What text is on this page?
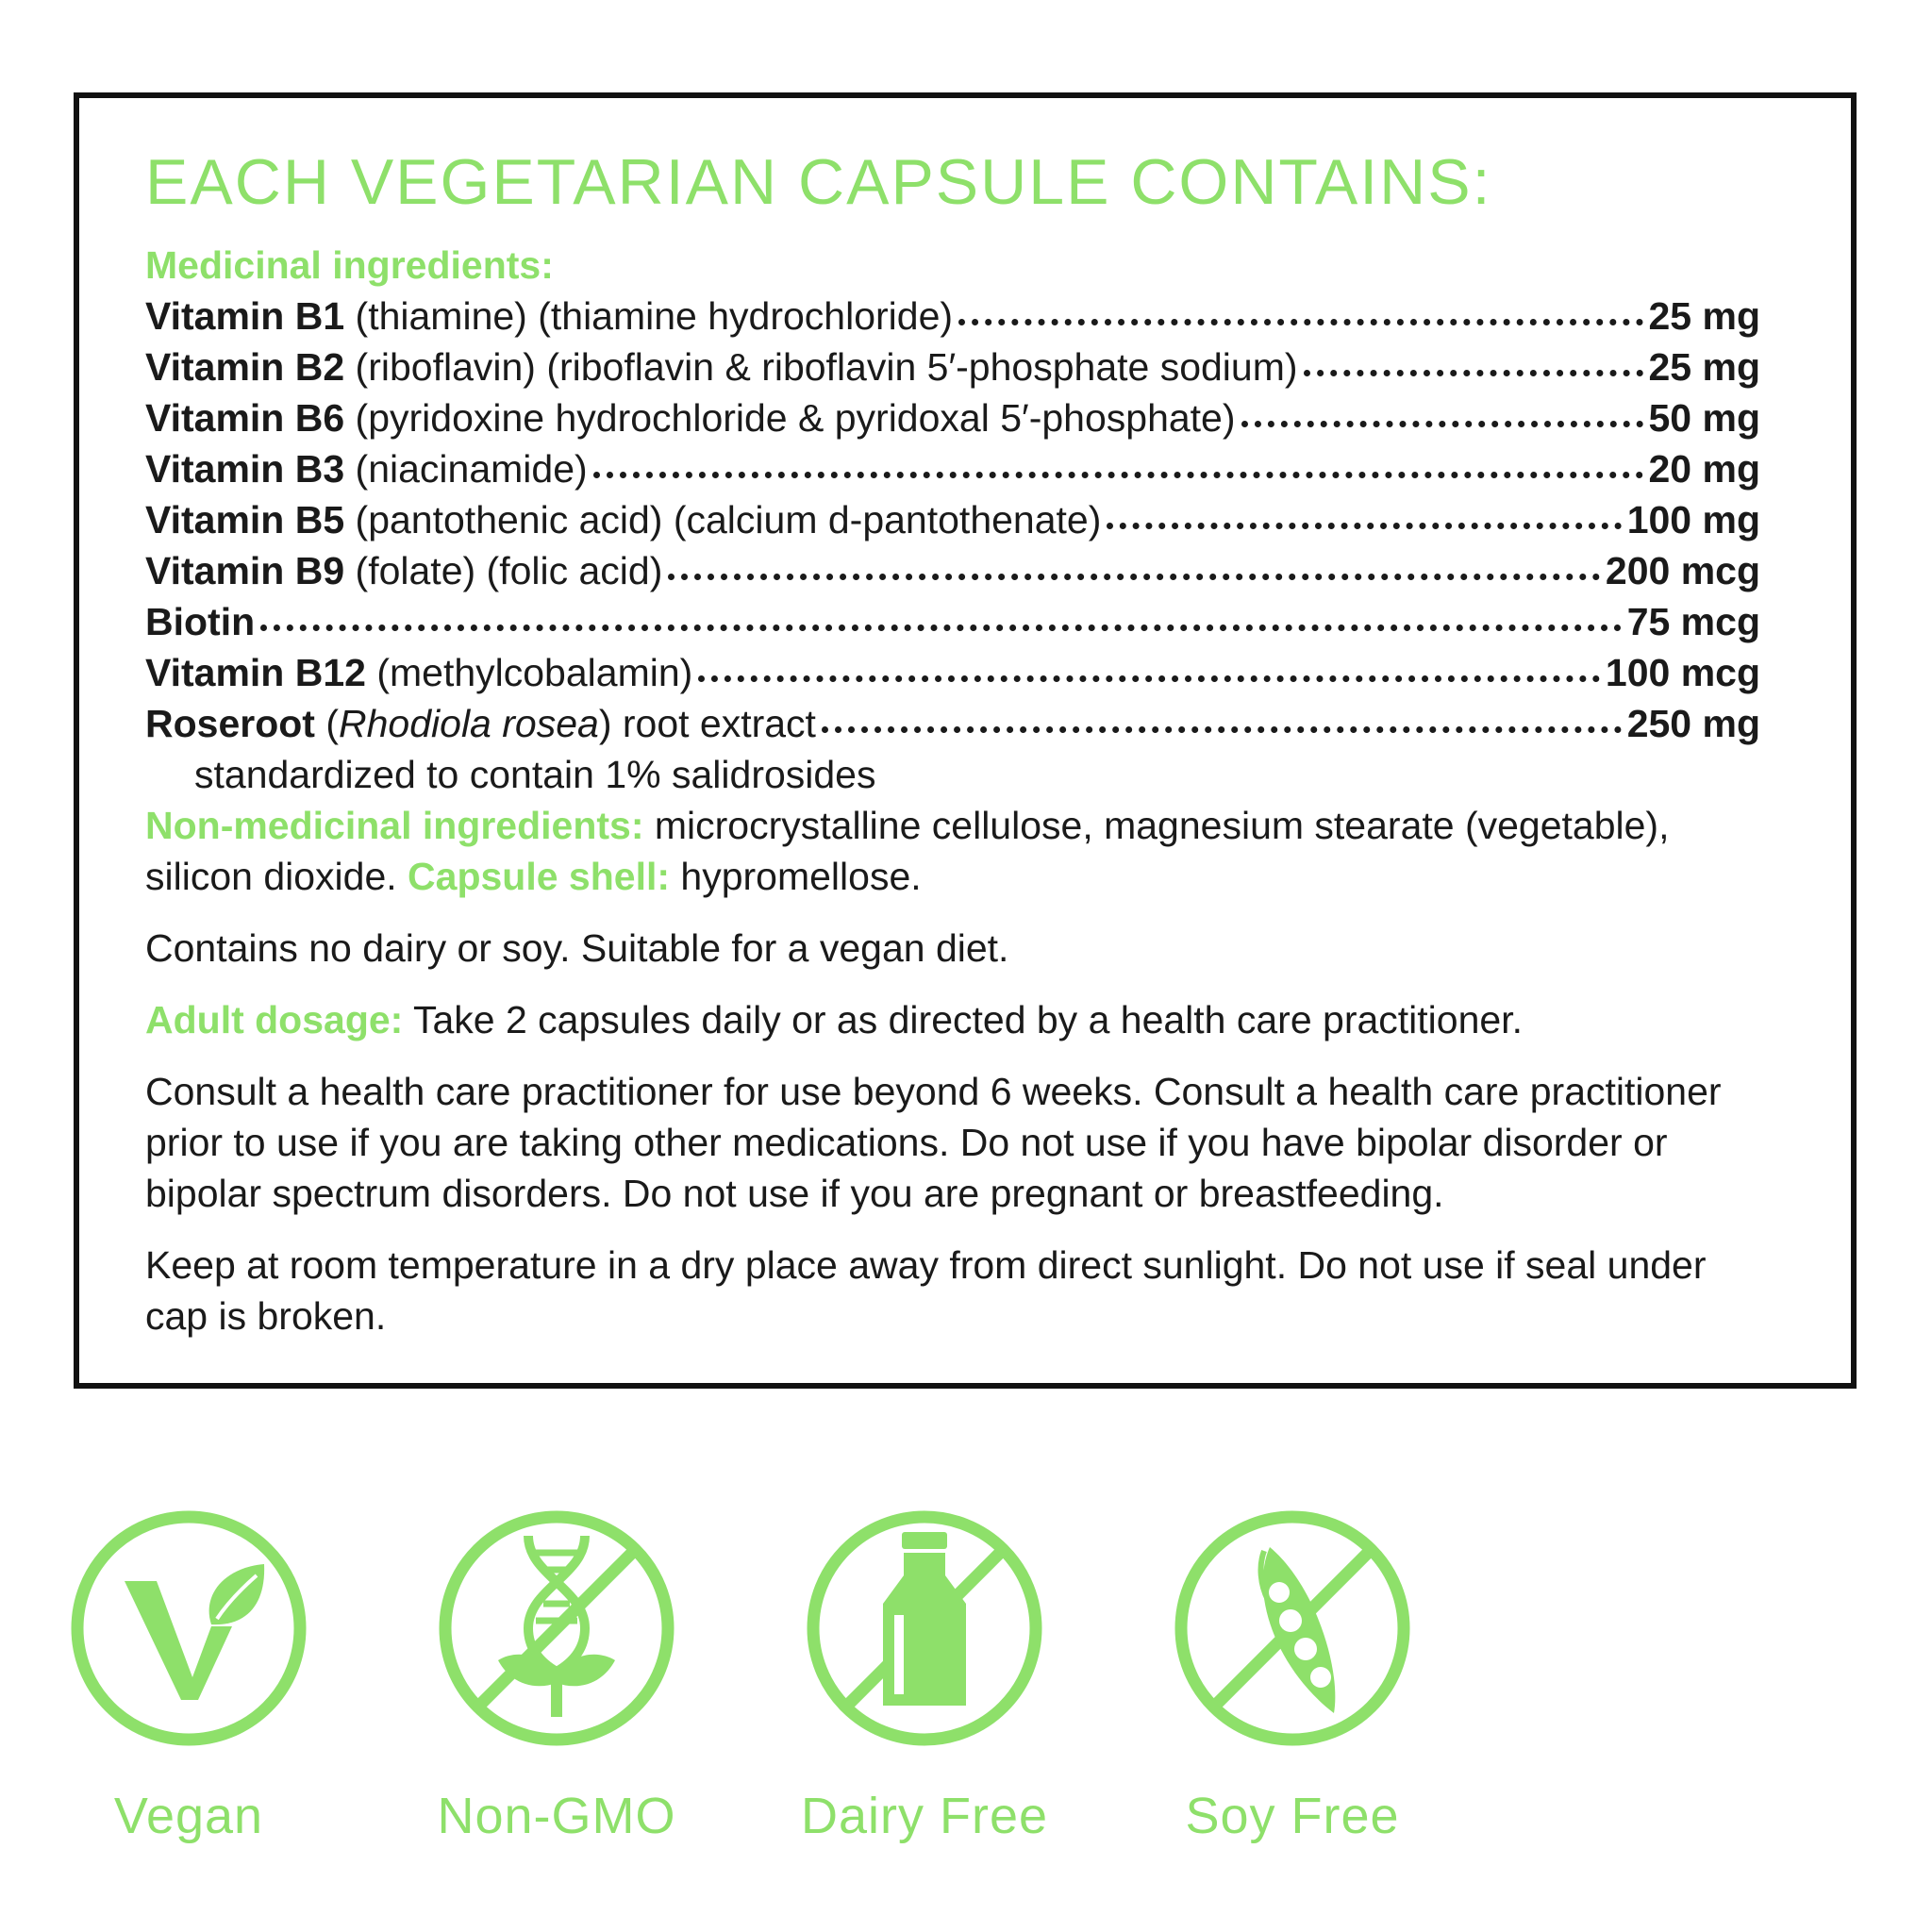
EACH VEGETARIAN CAPSULE CONTAINS:

Medicinal ingredients:

Vitamin B1 (thiamine) (thiamine hydrochloride)	25 mg
Vitamin B2 (riboflavin) (riboflavin & riboflavin 5′-phosphate sodium)	25 mg
Vitamin B6 (pyridoxine hydrochloride & pyridoxal 5′-phosphate)	50 mg
Vitamin B3 (niacinamide)	20 mg
Vitamin B5 (pantothenic acid) (calcium d-pantothenate)	100 mg
Vitamin B9 (folate) (folic acid)	200 mcg
Biotin	75 mcg
Vitamin B12 (methylcobalamin)	100 mcg
Roseroot (Rhodiola rosea) root extract	250 mg
standardized to contain 1% salidrosides

Non-medicinal ingredients: microcrystalline cellulose, magnesium stearate (vegetable), silicon dioxide. Capsule shell: hypromellose.

Contains no dairy or soy. Suitable for a vegan diet.

Adult dosage: Take 2 capsules daily or as directed by a health care practitioner.

Consult a health care practitioner for use beyond 6 weeks. Consult a health care practitioner prior to use if you are taking other medications. Do not use if you have bipolar disorder or bipolar spectrum disorders. Do not use if you are pregnant or breastfeeding.

Keep at room temperature in a dry place away from direct sunlight. Do not use if seal under cap is broken.

Vegan	Non-GMO	Dairy Free	Soy Free
